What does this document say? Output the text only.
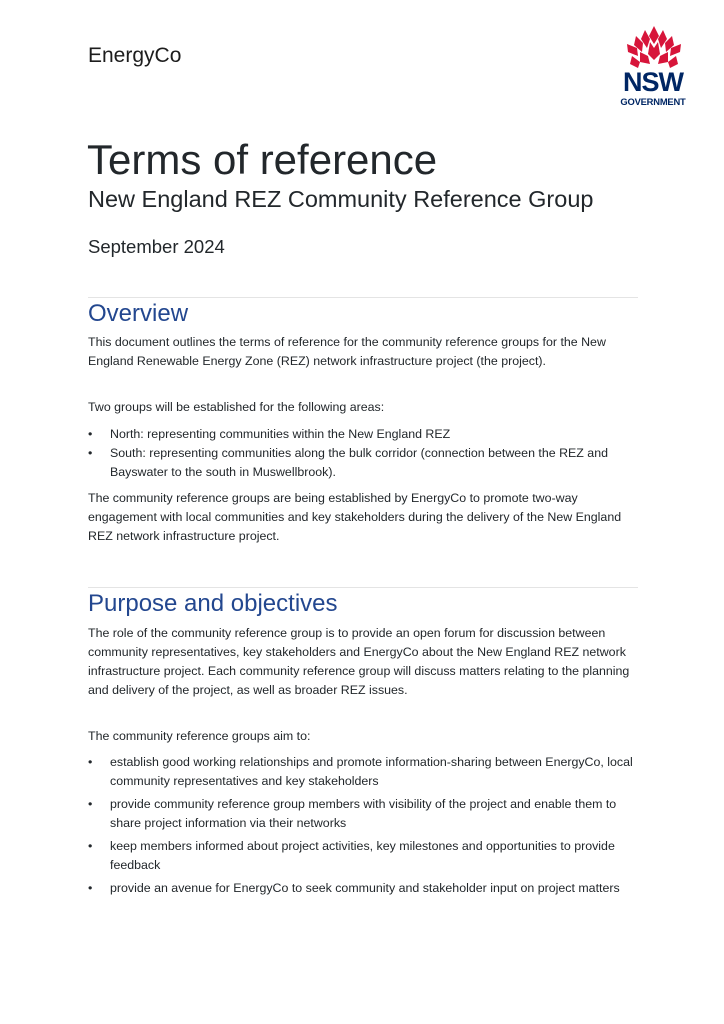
EnergyCo
NSW
GOVERNMENT
Terms of reference
New England REZ Community Reference Group
September 2024
Overview

This document outlines the terms of reference for the community reference groups for the New England Renewable Energy Zone (REZ) network infrastructure project (the project).

Two groups will be established for the following areas:

• North: representing communities within the New England REZ
• South: representing communities along the bulk corridor (connection between the REZ and Bayswater to the south in Muswellbrook).

The community reference groups are being established by EnergyCo to promote two-way engagement with local communities and key stakeholders during the delivery of the New England REZ network infrastructure project.

Purpose and objectives

The role of the community reference group is to provide an open forum for discussion between community representatives, key stakeholders and EnergyCo about the New England REZ network infrastructure project. Each community reference group will discuss matters relating to the planning and delivery of the project, as well as broader REZ issues.

The community reference groups aim to:

• establish good working relationships and promote information-sharing between EnergyCo, local community representatives and key stakeholders
• provide community reference group members with visibility of the project and enable them to share project information via their networks
• keep members informed about project activities, key milestones and opportunities to provide feedback
• provide an avenue for EnergyCo to seek community and stakeholder input on project matters
